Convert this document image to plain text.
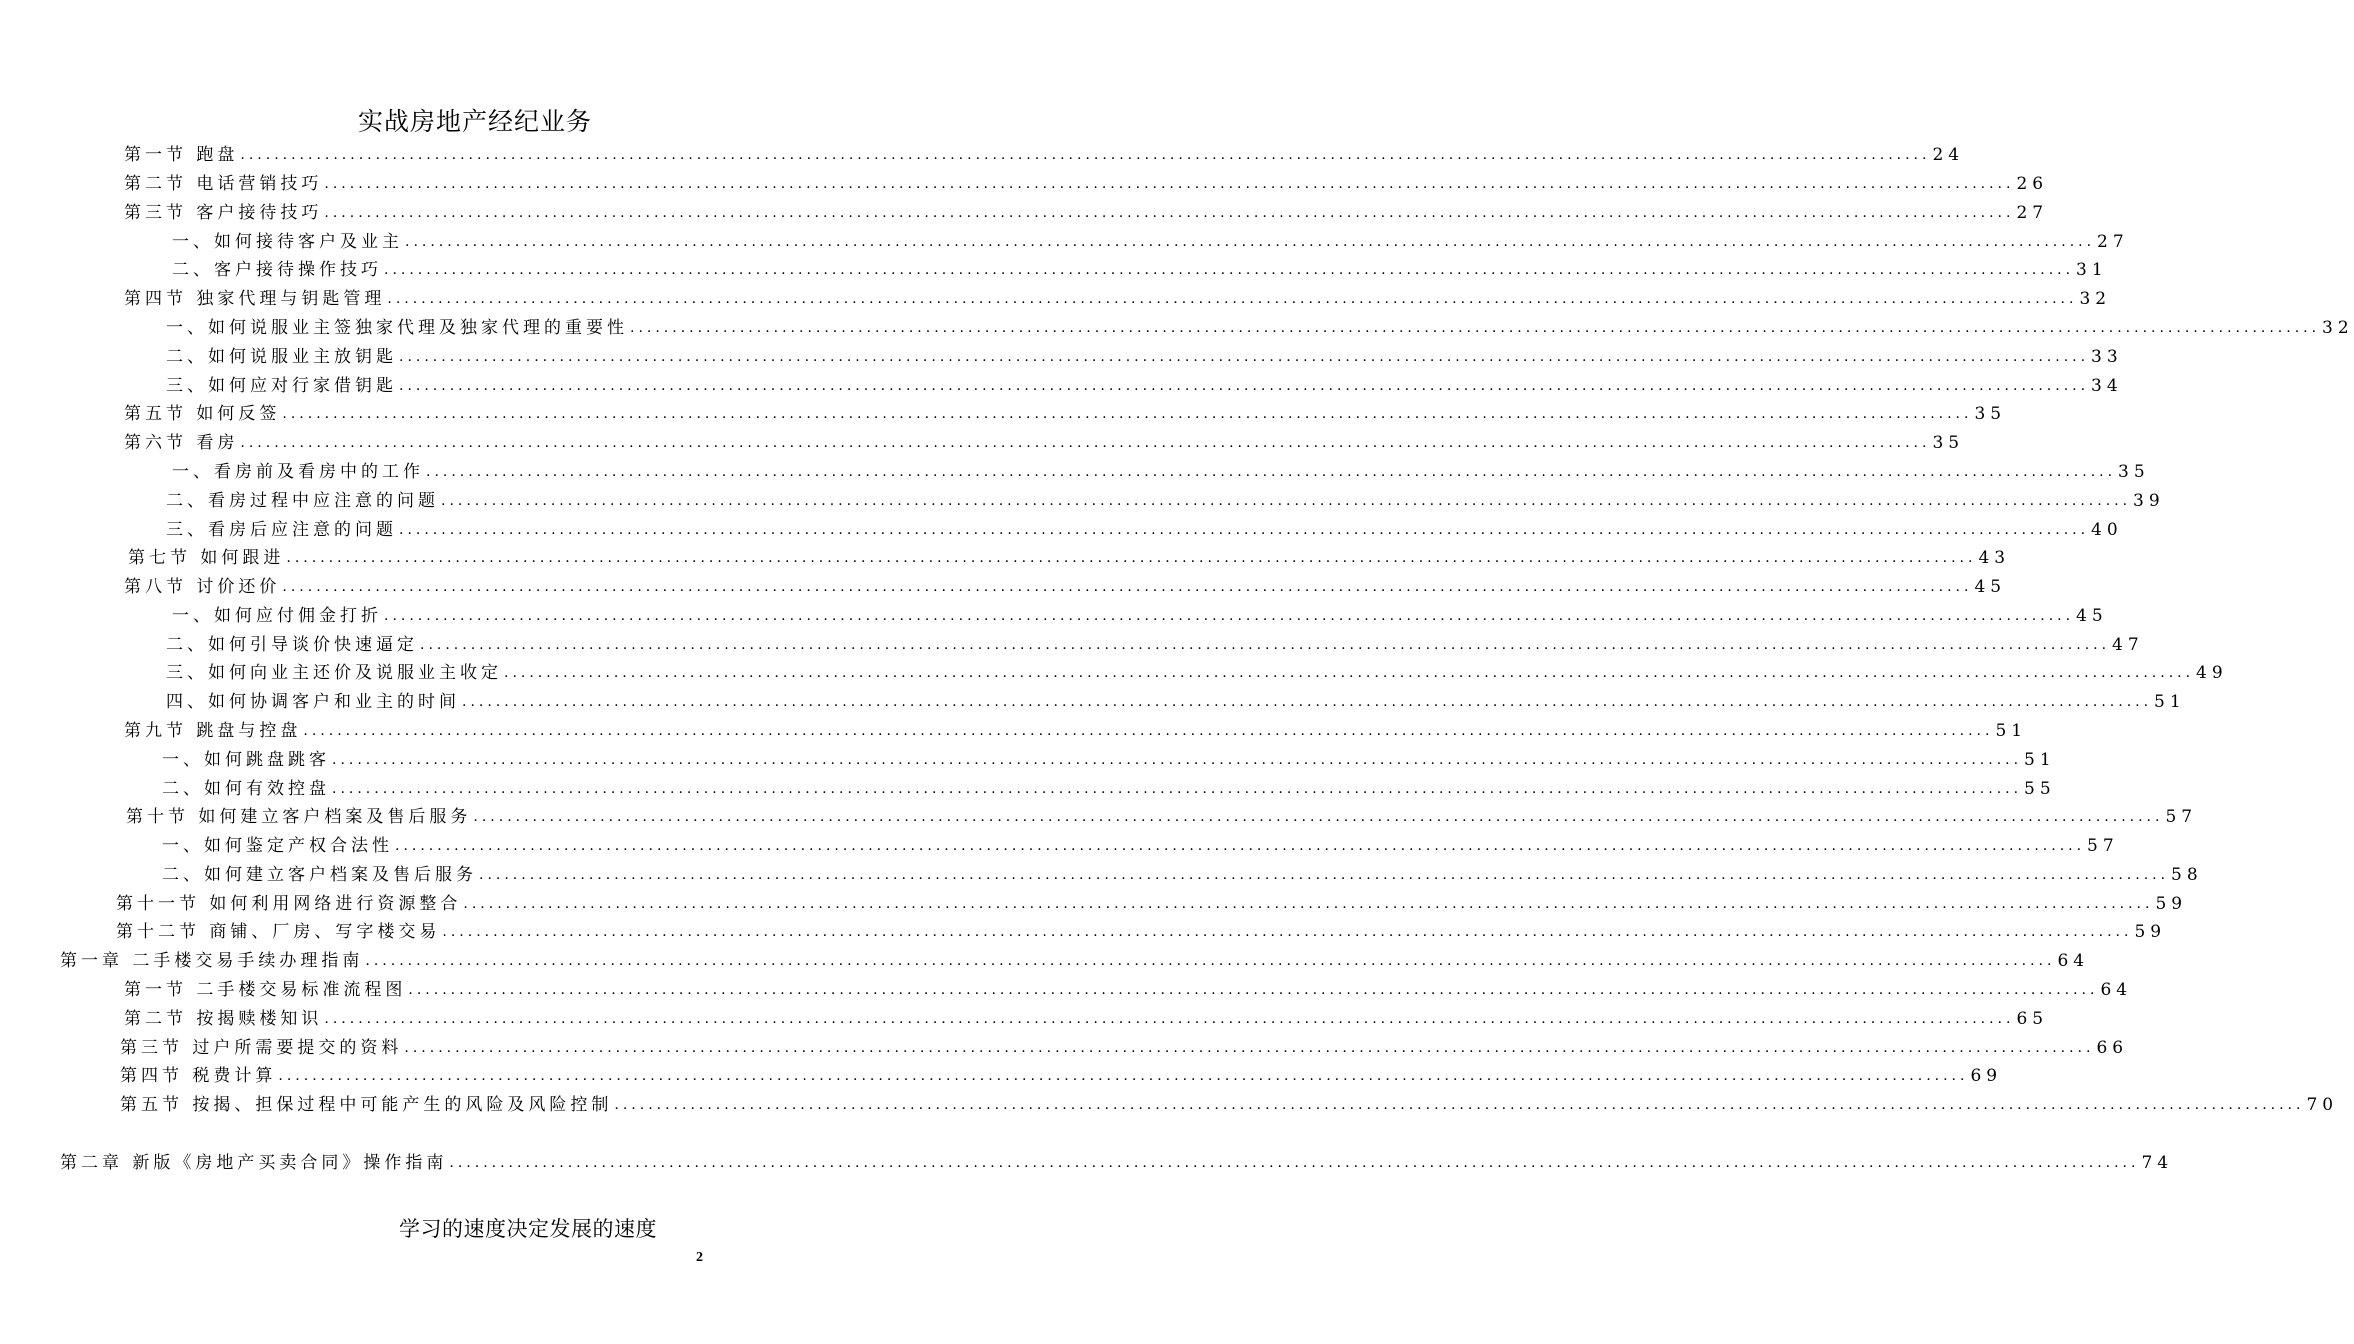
实战房地产经纪业务
第一节 跑盘 ........................................................................................................................................................................................................ 24
第二节 电话营销技巧 ........................................................................................................................................................................................................ 26
第三节 客户接待技巧 ........................................................................................................................................................................................................ 27
一、如何接待客户及业主 ........................................................................................................................................................................................................ 27
二、客户接待操作技巧 ........................................................................................................................................................................................................ 31
第四节 独家代理与钥匙管理 ........................................................................................................................................................................................................ 32
一、如何说服业主签独家代理及独家代理的重要性 ........................................................................................................................................................................................................ 32
二、如何说服业主放钥匙 ........................................................................................................................................................................................................ 33
三、如何应对行家借钥匙 ........................................................................................................................................................................................................ 34
第五节 如何反签 ........................................................................................................................................................................................................ 35
第六节 看房 ........................................................................................................................................................................................................ 35
一、看房前及看房中的工作 ........................................................................................................................................................................................................ 35
二、看房过程中应注意的问题 ........................................................................................................................................................................................................ 39
三、看房后应注意的问题 ........................................................................................................................................................................................................ 40
第七节 如何跟进 ........................................................................................................................................................................................................ 43
第八节 讨价还价 ........................................................................................................................................................................................................ 45
一、如何应付佣金打折 ........................................................................................................................................................................................................ 45
二、如何引导谈价快速逼定 ........................................................................................................................................................................................................ 47
三、如何向业主还价及说服业主收定 ........................................................................................................................................................................................................ 49
四、如何协调客户和业主的时间 ........................................................................................................................................................................................................ 51
第九节 跳盘与控盘 ........................................................................................................................................................................................................ 51
一、如何跳盘跳客 ........................................................................................................................................................................................................ 51
二、如何有效控盘 ........................................................................................................................................................................................................ 55
第十节 如何建立客户档案及售后服务 ........................................................................................................................................................................................................ 57
一、如何鉴定产权合法性 ........................................................................................................................................................................................................ 57
二、如何建立客户档案及售后服务 ........................................................................................................................................................................................................ 58
第十一节 如何利用网络进行资源整合 ........................................................................................................................................................................................................ 59
第十二节 商铺、厂房、写字楼交易 ........................................................................................................................................................................................................ 59
第一章 二手楼交易手续办理指南 ........................................................................................................................................................................................................ 64
第一节 二手楼交易标准流程图 ........................................................................................................................................................................................................ 64
第二节 按揭赎楼知识 ........................................................................................................................................................................................................ 65
第三节 过户所需要提交的资料 ........................................................................................................................................................................................................ 66
第四节 税费计算 ........................................................................................................................................................................................................ 69
第五节 按揭、担保过程中可能产生的风险及风险控制 ........................................................................................................................................................................................................ 70
第二章 新版《房地产买卖合同》操作指南 ........................................................................................................................................................................................................ 74
学习的速度决定发展的速度
2
